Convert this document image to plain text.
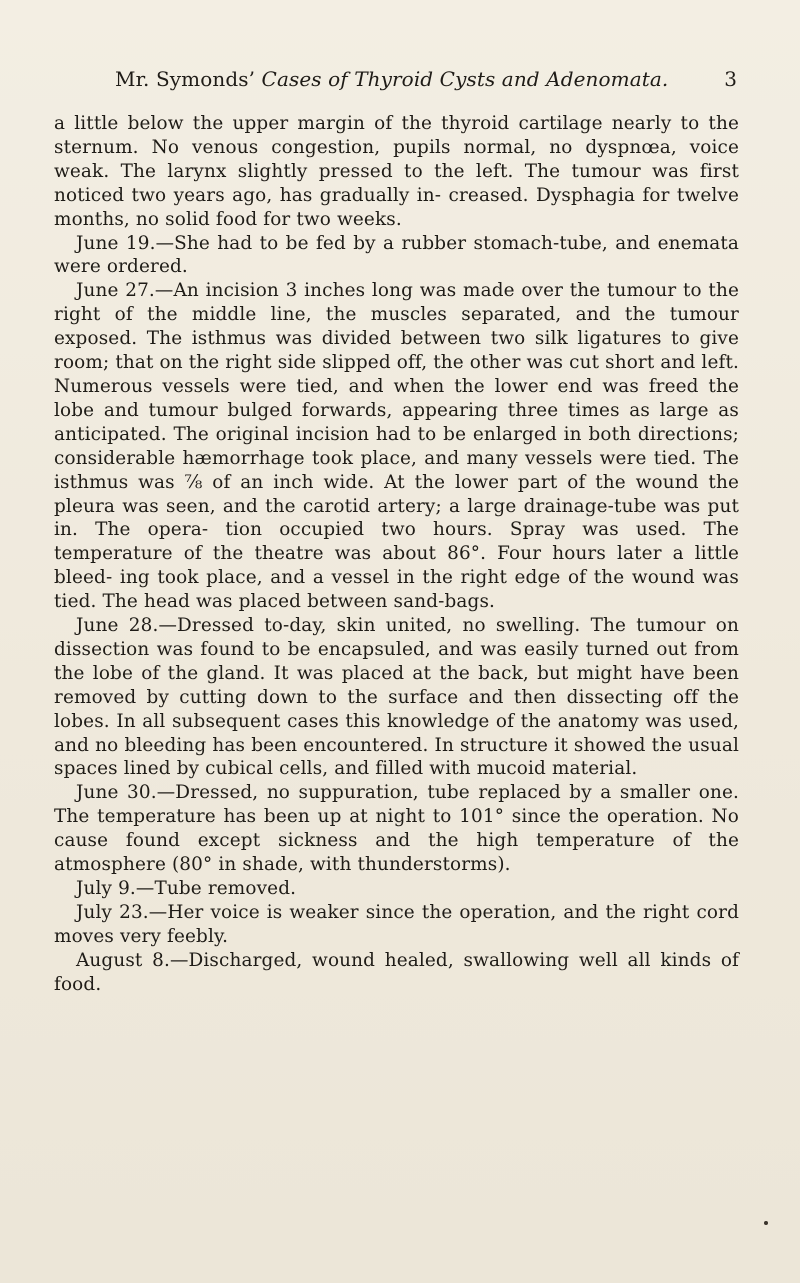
Mr. Symonds’ Cases of Thyroid Cysts and Adenomata.	3

a little below the upper margin of the thyroid cartilage nearly to the sternum. No venous congestion, pupils normal, no dyspnœa, voice weak. The larynx slightly pressed to the left. The tumour was first noticed two years ago, has gradually in- creased. Dysphagia for twelve months, no solid food for two weeks.

June 19.—She had to be fed by a rubber stomach-tube, and enemata were ordered.

June 27.—An incision 3 inches long was made over the tumour to the right of the middle line, the muscles separated, and the tumour exposed. The isthmus was divided between two silk ligatures to give room; that on the right side slipped off, the other was cut short and left. Numerous vessels were tied, and when the lower end was freed the lobe and tumour bulged forwards, appearing three times as large as anticipated. The original incision had to be enlarged in both directions; considerable hæmorrhage took place, and many vessels were tied. The isthmus was ⅞ of an inch wide. At the lower part of the wound the pleura was seen, and the carotid artery; a large drainage-tube was put in. The opera- tion occupied two hours. Spray was used. The temperature of the theatre was about 86°. Four hours later a little bleed- ing took place, and a vessel in the right edge of the wound was tied. The head was placed between sand-bags.

June 28.—Dressed to-day, skin united, no swelling. The tumour on dissection was found to be encapsuled, and was easily turned out from the lobe of the gland. It was placed at the back, but might have been removed by cutting down to the surface and then dissecting off the lobes. In all subsequent cases this knowledge of the anatomy was used, and no bleeding has been encountered. In structure it showed the usual spaces lined by cubical cells, and filled with mucoid material.

June 30.—Dressed, no suppuration, tube replaced by a smaller one. The temperature has been up at night to 101° since the operation. No cause found except sickness and the high temperature of the atmosphere (80° in shade, with thunderstorms).

July 9.—Tube removed.

July 23.—Her voice is weaker since the operation, and the right cord moves very feebly.

August 8.—Discharged, wound healed, swallowing well all kinds of food.
